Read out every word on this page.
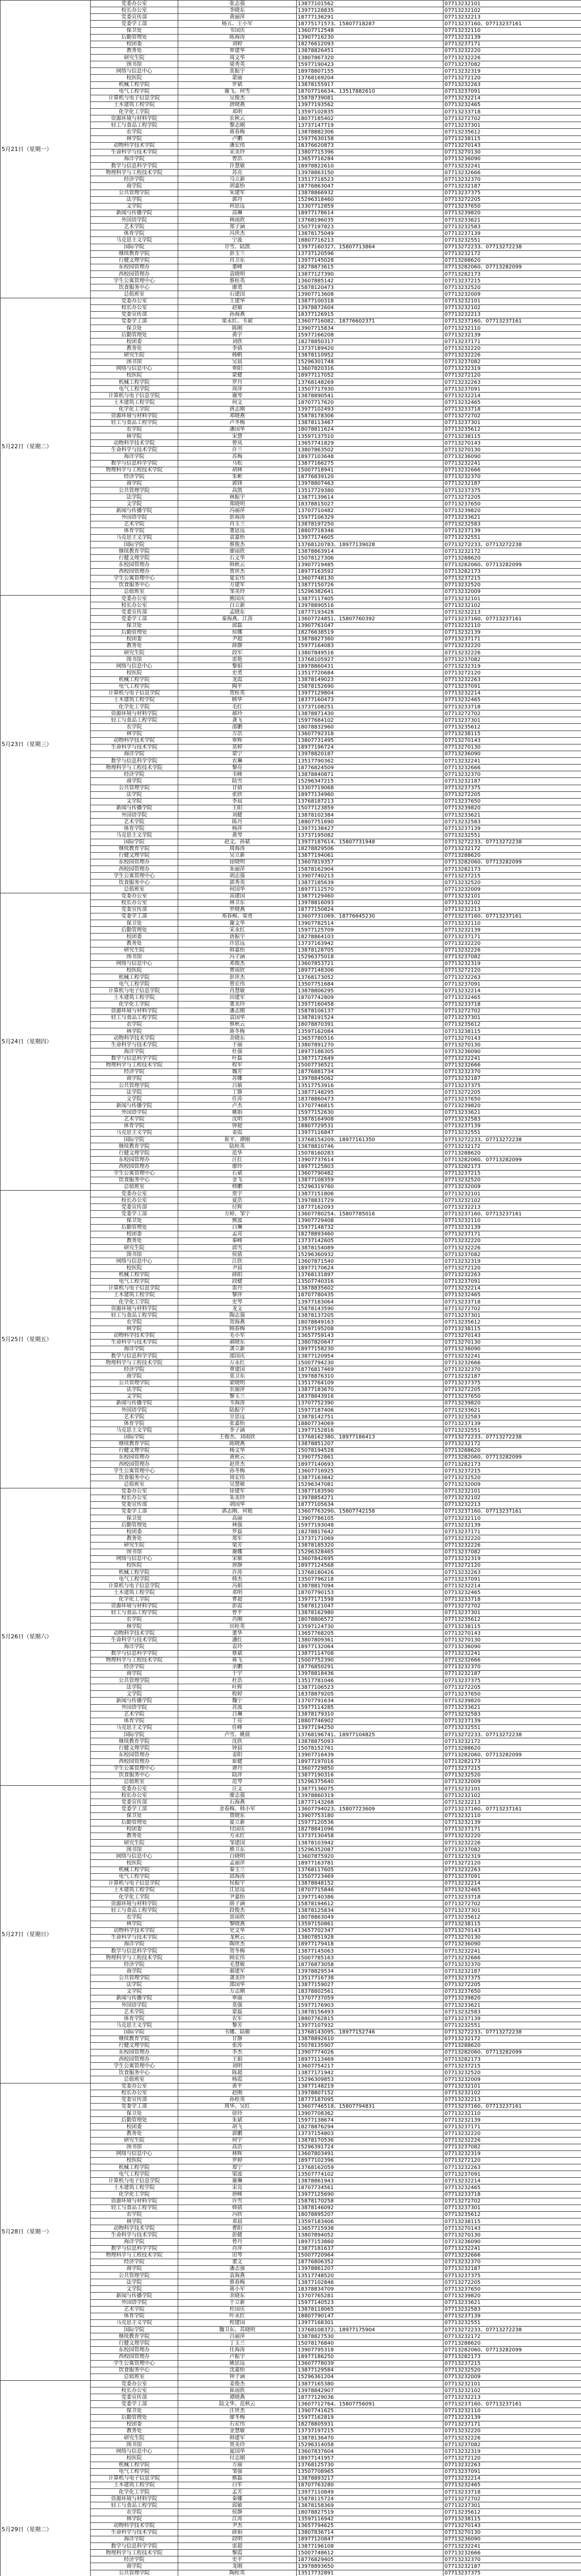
5月21日（星期一）	党委办公室	张志强	13877101562	07713232101
	校长办公室	李晓东	13977128835	07713232102
	党委宣传部	黄丽萍	18777136291	07713232213
	党委学工部	杨五、王小军	18775171573、15807718287	07713237160、07713237161
	保卫处	韦国庆	13607712548	07713232110
	后勤管理处	陈海涛	13907716230	07713232139
	校团委	刘婷	18276612093	07713237171
	教务处	覃建华	13878826451	07713232220
	研究生院	周文华	13807867320	07713232226
	图书馆	梁秀英	15977190423	07713237082
	网络与信息中心	莫振宇	18978807155	07713232319
	校医院	蒙丽	13768169204	07713272120
	机械工程学院	罗斌	13878155917	07713232263
	电气工程学院	谢飞、何雪	18707716634、13517882610	07713237091
	计算机与电子信息学院	吴俊杰	15878739081	07713232214
	土木建筑工程学院	唐晓燕	13977193562	07713232465
	化学化工学院	邓明	13597102835	07713233718
	资源环境与材料学院	农秋云	18077185402	07713272702
	轻工与食品工程学院	黎志刚	13737147719	07713237301
	农学院	蒋春梅	13878882306	07713235612
	林学院	卢鹏	15977630158	07713238115
	动物科学技术学院	潘宏伟	18376620873	07713270143
	生命科学与技术学院	宋美玲	13807715396	07713270130
	海洋学院	曾浩	13657716284	07713236090
	数学与信息科学学院	许慧敏	18978822610	07713232241
	物理科学与工程技术学院	苏亮	13978863150	07713232666
	经济学院	马立新	13517718523	07713232370
	商学院	胡嘉怡	18776863047	07713232187
	公共管理学院	朱建军	13878866932	07713237375
	法学院	郭丹	15296318460	07713272205
	文学院	何思远	13307712859	07713237650
	新闻与传播学院	高琳	18977178614	07713239820
	外国语学院	林雨欣	13768196035	07713233621
	艺术学院	郑子涵	15077197823	07713232583
	体育学院	冯世杰	13878175049	07713237139
	马克思主义学院	宁波	18807716213	07713232551
	国际学院	甘雪、陆凯	13977160327、15807713864	07713272233、07713272238
	继续教育学院	彭玉兰	13737120596	07713232172
	行健文理学院	肖卫东	13977145028	07713288620
	东校园管理办	董峰	18278873615	07713282060、07713282099
	西校园管理办	袁晓明	13877127390	07713282173
	学生公寓管理中心	蔡桂英	13607885142	07713237215
	饮食服务中心	廖勇	15878120473	07713232520
	总值班室	石建国	13907713608	07713232009
5月22日（星期二）	党委办公室	王建华	13877100318	07713232101
	校长办公室	赵敏	13978872604	07713232102
	党委宣传部	孙海燕	18377126915	07713232213
	党委学工部	梁永红、韦斌	13607716082、18776602371	07713237160、07713237161
	保卫处	陈刚	13907715834	07713232110
	后勤管理处	黄宇	15977166208	07713232139
	校团委	刘欣	18278850317	07713237171
	教务处	李倩	13737189420	07713232220
	研究生院	杨帆	13878110952	07713232226
	图书馆	吴晨	15296301748	07713237082
	网络与信息中心	覃阳	13607820316	07713232319
	校医院	蒙健	18977117052	07713272120
	机械工程学院	罗丹	13768148269	07713232263
	电气工程学院	周萍	13507717930	07713237091
	计算机与电子信息学院	谢琴	13878890541	07713232214
	土木建筑工程学院	何文	18707717620	07713232465
	化学化工学院	唐志刚	13977102493	07713233718
	资源环境与材料学院	邓晓燕	15878178306	07713272702
	轻工与食品工程学院	卢冬梅	13878113467	07713237301
	农学院	潘国华	18078811624	07713235612
	林学院	宋慧	13597137510	07713238115
	动物科学技术学院	曾凤	13657741829	07713270143
	生命科学与技术学院	许兰	13807863502	07713270130
	海洋学院	苏梅	18977103648	07713236090
	数学与信息科学学院	马松	13877166275	07713232241
	物理科学与工程技术学院	胡林	15007718941	07713232666
	经济学院	朱彬	18776839120	07713232370
	商学院	郭锋	13978807463	07713232187
	公共管理学院	高凯	13517729380	07713237375
	法学院	林振宇	13877139614	07713272205
	文学院	郑晓明	18378815027	07713237650
	新闻与传播学院	冯丽萍	13707710482	07713239820
	外国语学院	彭海涛	15977106329	07713233621
	艺术学院	肖玉兰	13878197250	07713232583
	体育学院	董思远	18807718346	07713237139
	马克思主义学院	袁嘉怡	13977174605	07713232551
	国际学院	蔡俊杰	13768120783、18977139028	07713272233、07713272238
	继续教育学院	廖雨欣	13878863914	07713232172
	行健文理学院	石文华	15078127306	07713288620
	东校园管理办	韩秋云	13907719485	07713282060、07713282099
	西校园管理办	贾世杰	18977163592	07713282173
	学生公寓管理中心	夏宏伟	13607748130	07713237215
	饮食服务中心	方建军	13877150726	07713232520
	总值班室	邹美玲	15296382641	07713232009
5月23日（星期三）	党委办公室	熊国庆	13877117405	07713232101
	校长办公室	白立新	13978890516	07713232102
	党委宣传部	孟晓东	18777193428	07713232213
	党委学工部	秦海燕、江涛	13607724851、15807760392	07713237160、07713237161
	保卫处	邱磊	13907761047	07713232110
	后勤管理处	侯娜	18276638519	07713232139
	校团委	尹超	13878827360	07713237171
	教务处	薛静	15977164083	07713232220
	研究生院	段军	13807849516	07713232226
	图书馆	雷艳	13768105927	07713237082
	网络与信息中心	黎娟	18978860431	07713232319
	校医院	史勇	13517720684	07713272120
	机械工程学院	龙霞	13878149023	07713232263
	电气工程学院	陶平	15878152690	07713237091
	计算机与电子信息学院	贺桂英	13977129804	07713232214
	土木建筑工程学院	顾华	18377160473	07713232465
	化学化工学院	毛红	13737108251	07713233718
	资源环境与材料学院	郝玲	13878871430	07713272702
	轻工与食品工程学院	龚飞	15977684102	07713237301
	农学院	邵鹏	18078832960	07713235612
	林学院	万浩	13607792318	07713238115
	动物科学技术学院	覃辉	13807731495	07713270143
	生命科学与技术学院	莫婷	18977196724	07713270130
	海洋学院	蒙宁	13978820187	07713236090
	数学与信息科学学院	农琳	13517790362	07713232241
	物理科学与工程技术学院	黎亮	18776824509	07713232666
	经济学院	韦峰	13878840871	07713232370
	商学院	陆雪	15296347215	07713232187
	公共管理学院	甘倩	13307719068	07713237375
	法学院	张欣	18977134960	07713272205
	文学院	李晨	13768187213	07713237650
	新闻与传播学院	王阳	15077123859	07713239820
	外国语学院	刘健	13878102384	07713233621
	艺术学院	陈丹	18807751690	07713232583
	体育学院	杨萍	13977138427	07713237139
	马克思主义学院	黄琴	13737195082	07713232551
	国际学院	赵文、孙斌	13977187614、15807731948	07713272233、07713272238
	继续教育学院	周海涛	18278829506	07713232172
	行健文理学院	吴立新	13877194061	07713288620
	东校园管理办	徐晓明	13607819357	07713282060、07713282099
	西校园管理办	朱丽萍	15878162904	07713282173
	学生公寓管理中心	胡志强	13907740213	07713237215
	饮食服务中心	郭秀英	13877185639	07713232520
	总值班室	何国华	18977112570	07713232009
5月24日（星期四）	党委办公室	高建国	13877129460	07713232101
	校长办公室	林卫东	13978816093	07713232102
	党委宣传部	罗晓燕	18777150824	07713232213
	党委学工部	郑春梅、梁勇	13607731069、18776645230	07713237160、07713237161
	保卫处	谢文华	13907782514	07713232110
	后勤管理处	宋永红	15977125709	07713232139
	校团委	唐振宇	18278864103	07713237171
	教务处	许思远	13737163942	07713232220
	研究生院	韩嘉怡	13878128705	07713232226
	图书馆	冯子涵	15296375018	07713237082
	网络与信息中心	邓俊杰	13607853721	07713232319
	校医院	曹雨欣	18977148306	07713272120
	机械工程学院	彭世杰	13768173052	07713232263
	电气工程学院	曾宏伟	13507751684	07713237091
	计算机与电子信息学院	肖慧敏	13878806295	07713232214
	土木建筑工程学院	田建军	18707742809	07713232465
	化学化工学院	董美玲	13977160458	07713233718
	资源环境与材料学院	潘志刚	15878106137	07713272702
	轻工与食品工程学院	袁国华	13878191524	07713237301
	农学院	蔡秋云	18078870391	07713235612
	林学院	蒋冬梅	13597162084	07713238115
	动物科学技术学院	余晓东	13657780516	07713270143
	生命科学与技术学院	于丽	13807891270	07713270130
	海洋学院	杜强	18977186305	07713236090
	数学与信息科学学院	叶磊	13877172649	07713232241
	物理科学与工程技术学院	程军	15007736521	07713232666
	经济学院	魏芳	18776881734	07713232370
	商学院	苏娜	13978845062	07713232187
	公共管理学院	吕敏	13517753916	07713237375
	法学院	丁静	13877148295	07713272205
	文学院	任涛	18378860473	07713237650
	新闻与传播学院	卢杰	13707746815	07713239820
	外国语学院	姚娟	15977152630	07713233621
	艺术学院	沈明	13878164908	07713232583
	体育学院	钟超	18807729531	07713237139
	马克思主义学院	姜霞	13977116847	07713232551
	国际学院	崔平、谭刚	13768154209、18977161350	07713272233、07713272238
	继续教育学院	陆桂英	13878810746	07713232172
	行健文理学院	范华	15078160283	07713288620
	东校园管理办	汪红	13907737614	07713282060、07713282099
	西校园管理办	廖玲	18977125803	07713282173
	学生公寓管理中心	石斌	13607790482	07713237215
	饮食服务中心	金飞	13877108359	07713232520
	总值班室	韩鹏	15296319760	07713232009
5月25日（星期五）	党委办公室	贾宇	13877151806	07713232101
	校长办公室	夏浩	13978831729	07713232102
	党委宣传部	付辉	18777162093	07713232213
	党委学工部	方婷、邹宁	13607780254、15807785016	07713237160、07713237161
	保卫处	熊波	13907729408	07713232110
	后勤管理处	白琳	15977148732	07713232139
	校团委	孟亮	18278893460	07713237171
	教务处	秦峰	13737142605	07713232220
	研究生院	邱雪	13878154089	07713232226
	图书馆	侯倩	15296360932	07713237082
	网络与信息中心	江欣	13607871540	07713232319
	校医院	尹晨	18977170624	07713272120
	机械工程学院	薛阳	13768131897	07713232263
	电气工程学院	段健	13507740316	07713237091
	计算机与电子信息学院	雷丹	13878835602	07713232214
	土木建筑工程学院	黎萍	18707780435	07713232465
	化学化工学院	史琴	13977183064	07713233718
	资源环境与材料学院	龙文	15878143590	07713272702
	轻工与食品工程学院	陶志强	13878137205	07713237301
	农学院	贺海燕	18078849163	07713235612
	林学院	顾春梅	13597195208	07713238115
	动物科学技术学院	毛小军	13657759143	07713270143
	生命科学与技术学院	郝晓东	13807820647	07713270130
	海洋学院	龚立新	18977158230	07713236090
	数学与信息科学学院	邵国庆	13877120954	07713232241
	物理科学与工程技术学院	万永红	15007794230	07713232666
	经济学院	覃建国	18776817469	07713232370
	商学院	莫卫东	13978876310	07713232187
	公共管理学院	蒙晓明	13517764109	07713237375
	法学院	农丽萍	13877183670	07713272205
	文学院	黎玉兰	18378843916	07713237650
	新闻与传播学院	韦海涛	13707752390	07713239820
	外国语学院	陆振宇	15977187406	07713233621
	艺术学院	甘思远	13878142751	07713232583
	体育学院	张嘉怡	18807734069	07713237139
	马克思主义学院	李子涵	13977152816	07713232551
	国际学院	王俊杰、刘雨欣	13768162380、18977186413	07713272233、07713272238
	继续教育学院	陈晓燕	13878851207	07713232172
	行健文理学院	杨文华	15078194528	07713288620
	东校园管理办	黄秋云	13907752861	07713282060、07713282099
	西校园管理办	赵世杰	18977140693	07713282173
	学生公寓管理中心	孙冬梅	13607716925	07713237215
	饮食服务中心	周宏伟	13877163842	07713232520
	总值班室	吴慧敏	15296347081	07713232009
5月26日（星期六）	党委办公室	徐建军	13877183590	07713232101
	校长办公室	朱美玲	13978854271	07713232102
	党委宣传部	胡国华	18777105634	07713232213
	党委学工部	郭志刚、何艳	13607763290、15807742158	07713237160、07713237161
	保卫处	高丽	13907786105	07713232110
	后勤管理处	林强	15977193048	07713232139
	校团委	罗磊	18278817642	07713237171
	教务处	郑军	13737171069	07713232220
	研究生院	梁芳	13878185320	07713232226
	图书馆	谢娜	15296328465	07713237082
	网络与信息中心	宋敏	13607842695	07713232319
	校医院	唐静	18977124568	07713272120
	机械工程学院	许涛	13768180426	07713232263
	电气工程学院	韩杰	13507796218	07713237091
	计算机与电子信息学院	冯娟	13878817094	07713232214
	土木建筑工程学院	邓明	18707790153	07713232465
	化学化工学院	曹超	13977171598	07713233718
	资源环境与材料学院	彭霞	15878121047	07713272702
	轻工与食品工程学院	曾平	13878162980	07713237301
	农学院	肖刚	18078806572	07713235612
	林学院	田桂英	13597124730	07713238115
	动物科学技术学院	董华	13657768205	07713270143
	生命科学与技术学院	潘红	13807809361	07713270130
	海洋学院	袁玲	18977132064	07713236090
	数学与信息科学学院	蔡斌	13877114708	07713232241
	物理科学与工程技术学院	蒋飞	15007752390	07713232666
	经济学院	余鹏	18776850291	07713232370
	商学院	于宇	13978818436	07713232187
	公共管理学院	杜浩	13517781046	07713237375
	法学院	叶辉	13877106523	07713272205
	文学院	程婷	18378879205	07713237650
	新闻与传播学院	魏宁	13707791634	07713239820
	外国语学院	苏波	15977114285	07713233621
	艺术学院	吕琳	13878179310	07713232583
	体育学院	丁亮	18807746902	07713237139
	马克思主义学院	任峰	13977194250	07713232551
	国际学院	卢雪、姚倩	13768196741、18977104825	07713272233、07713272238
	继续教育学院	沈欣	13878875093	07713232172
	行健文理学院	钟晨	15078152761	07713288620
	东校园管理办	姜阳	13907716439	07713282060、07713282099
	西校园管理办	崔健	18977197016	07713282173
	学生公寓管理中心	谭丹	13607729850	07713237215
	饮食服务中心	陆萍	13877190316	07713232520
	总值班室	范琴	15296375640	07713232009
5月27日（星期日）	党委办公室	汪文	13877136075	07713232101
	校长办公室	廖志强	13978860319	07713232102
	党委宣传部	石海燕	18777143268	07713232213
	党委学工部	金春梅、韩小军	13607794023、15807723609	07713237160、07713237161
	保卫处	贾晓东	13907753180	07713232110
	后勤管理处	夏立新	15977120536	07713232139
	校团委	付国庆	18278841096	07713237171
	教务处	方永红	13737130458	07713232220
	研究生院	邹建国	13878103942	07713232226
	图书馆	熊卫东	15296352087	07713237082
	网络与信息中心	白晓明	13607875920	07713232319
	校医院	孟丽萍	18977163781	07713272120
	机械工程学院	秦玉兰	13768117605	07713232263
	电气工程学院	邱海涛	13507723469	07713237091
	计算机与电子信息学院	侯振宇	13878848152	07713232214
	土木建筑工程学院	江思远	18707715846	07713232465
	化学化工学院	尹嘉怡	13977140386	07713233718
	资源环境与材料学院	薛子涵	15878194612	07713272702
	轻工与食品工程学院	段俊杰	13878125834	07713237301
	农学院	雷雨欣	18078863049	07713235612
	林学院	黎晓燕	13597150861	07713238115
	动物科学技术学院	史文华	13657702347	07713270143
	生命科学与技术学院	龙秋云	13807851928	07713270130
	海洋学院	陶世杰	18977179418	07713236090
	数学与信息科学学院	贺冬梅	13877145063	07713232241
	物理科学与工程技术学院	顾宏伟	15007785163	07713232666
	经济学院	毛慧敏	18776873058	07713232370
	商学院	郝建军	13978829534	07713232187
	公共管理学院	龚美玲	13517716738	07713237375
	法学院	邵国华	13877159027	07713272205
	文学院	万志刚	18378802561	07713237650
	新闻与传播学院	覃丽	13707737059	07713239820
	外国语学院	莫强	15977176903	07713233621
	艺术学院	蒙磊	13878156493	07713232583
	体育学院	农军	18807762815	07713237139
	马克思主义学院	黎芳	13977107932	07713232551
	国际学院	韦娜、陆敏	13768143095、18977152746	07713272233、07713272238
	继续教育学院	甘静	13878892610	07713232172
	行健文理学院	张涛	15078135907	07713288620
	东校园管理办	李杰	13907774026	07713282060、07713282099
	西校园管理办	王娟	18977113469	07713282173
	学生公寓管理中心	刘明	13607754217	07713237215
	饮食服务中心	陈超	13877171942	07713232520
	总值班室	杨霞	15296309853	07713232009
5月28日（星期一）	党委办公室	黄平	13877148219	07713232101
	校长办公室	赵刚	13978807152	07713232102
	党委宣传部	孙桂英	18777187095	07713232213
	党委学工部	周华、吴红	13607746518、15807794831	07713237160、07713237161
	保卫处	徐玲	13907708362	07713232110
	后勤管理处	朱斌	15977138674	07713232139
	校团委	胡飞	18278876294	07713237171
	教务处	郭鹏	13737154803	07713232220
	研究生院	何宇	13878170536	07713232226
	图书馆	高浩	15296391724	07713237082
	网络与信息中心	林辉	13607803491	07713232319
	校医院	罗婷	18977102396	07713272120
	机械工程学院	郑宁	13768162059	07713232263
	电气工程学院	梁波	13507774102	07713237091
	计算机与电子信息学院	谢琳	13878861943	07713232214
	土木建筑工程学院	宋亮	18707734561	07713232465
	化学化工学院	唐峰	13977125690	07713233718
	资源环境与材料学院	许雪	15878170258	07713272702
	轻工与食品工程学院	韩倩	13878146092	07713237301
	农学院	冯欣	18078895207	07713235612
	林学院	邓晨	13597183406	07713238115
	动物科学技术学院	曹阳	13657715938	07713270143
	生命科学与技术学院	彭健	13807894052	07713270130
	海洋学院	曾丹	18977153860	07713236090
	数学与信息科学学院	肖萍	13877181637	07713232241
	物理科学与工程技术学院	田琴	15007720964	07713232666
	经济学院	董文	18776806352	07713232370
	商学院	潘志强	13978861207	07713232187
	公共管理学院	袁海燕	13517748520	07713237375
	法学院	蔡春梅	13877102846	07713272205
	文学院	蒋小军	18378834709	07713237650
	新闻与传播学院	余晓东	13707765281	07713239820
	外国语学院	于立新	15977140523	07713233621
	艺术学院	杜国庆	13878118065	07713232583
	体育学院	叶永红	18807790147	07713237139
	马克思主义学院	程建国	13977168301	07713232551
	国际学院	魏卫东、苏晓明	13768108372、18977175904	07713272233、07713272238
	继续教育学院	吕丽萍	13878827530	07713232172
	行健文理学院	丁玉兰	15078176840	07713288620
	东校园管理办	任海涛	13907795318	07713282060、07713282099
	西校园管理办	卢振宇	18977186250	07713282173
	学生公寓管理中心	姚思远	13607778039	07713237215
	饮食服务中心	沈嘉怡	13877129584	07713232520
	总值班室	钟子涵	15296361204	07713232009
5月29日（星期二）	党委办公室	姜俊杰	13877165380	07713232101
	校长办公室	崔雨欣	13978842907	07713232102
	党委宣传部	谭晓燕	18777129036	07713232213
	党委学工部	陆文华、范秋云	13607712764、15807756091	07713237160、07713237161
	保卫处	汪世杰	13907741625	07713232110
	后勤管理处	廖冬梅	15977162819	07713232139
	校团委	石宏伟	18278805931	07713237171
	教务处	金慧敏	13737197215	07713232220
	研究生院	韩建军	13878136470	07713232226
	图书馆	贾美玲	15296314058	07713237082
	网络与信息中心	夏国华	13607837604	07713232319
	校医院	付志刚	18977141957	07713272120
	机械工程学院	方丽	13768125730	07713232263
	电气工程学院	邹强	13507708965	07713237091
	计算机与电子信息学院	熊磊	13878893217	07713232214
	土木建筑工程学院	白军	18707763280	07713232465
	化学化工学院	孟芳	13977110849	07713233718
	资源环境与材料学院	秦娜	15878115724	07713272702
	轻工与食品工程学院	邱敏	13878158369	07713237301
	农学院	侯静	18078827519	07713235612
	林学院	江涛	13597116942	07713238115
	动物科学技术学院	尹杰	13657794625	07713270143
	生命科学与技术学院	薛娟	13807836714	07713270130
	海洋学院	段明	18977120847	07713236090
	数学与信息科学学院	雷超	13877196108	07713232241
	物理科学与工程技术学院	黎霞	15007748612	07713232666
	经济学院	史平	18776829405	07713232370
	商学院	龙刚	13978893650	07713232187
	公共管理学院	陶桂英	13517732891	07713237375
